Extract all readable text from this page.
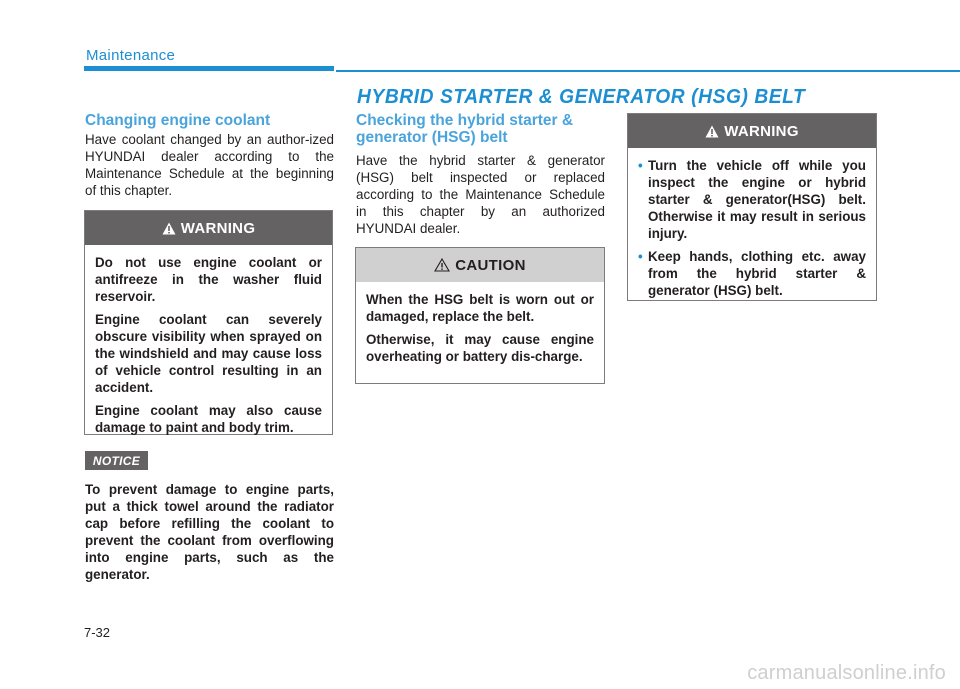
Maintenance
HYBRID STARTER & GENERATOR (HSG) BELT
Changing engine coolant
Have coolant changed by an author-ized HYUNDAI dealer according to the Maintenance Schedule at the beginning of this chapter.
WARNING

Do not use engine coolant or antifreeze in the washer fluid reservoir.

Engine coolant can severely obscure visibility when sprayed on the windshield and may cause loss of vehicle control resulting in an accident.

Engine coolant may also cause damage to paint and body trim.

NOTICE
To prevent damage to engine parts, put a thick towel around the radiator cap before refilling the coolant to prevent the coolant from overflowing into engine parts, such as the generator.
Checking the hybrid starter & generator (HSG) belt
Have the hybrid starter & generator (HSG) belt inspected or replaced according to the Maintenance Schedule in this chapter by an authorized HYUNDAI dealer.
CAUTION

When the HSG belt is worn out or damaged, replace the belt.

Otherwise, it may cause engine overheating or battery dis-charge.

WARNING
• Turn the vehicle off while you inspect the engine or hybrid starter & generator(HSG) belt. Otherwise it may result in serious injury.
• Keep hands, clothing etc. away from the hybrid starter & generator (HSG) belt.
7-32
carmanualsonline.info
